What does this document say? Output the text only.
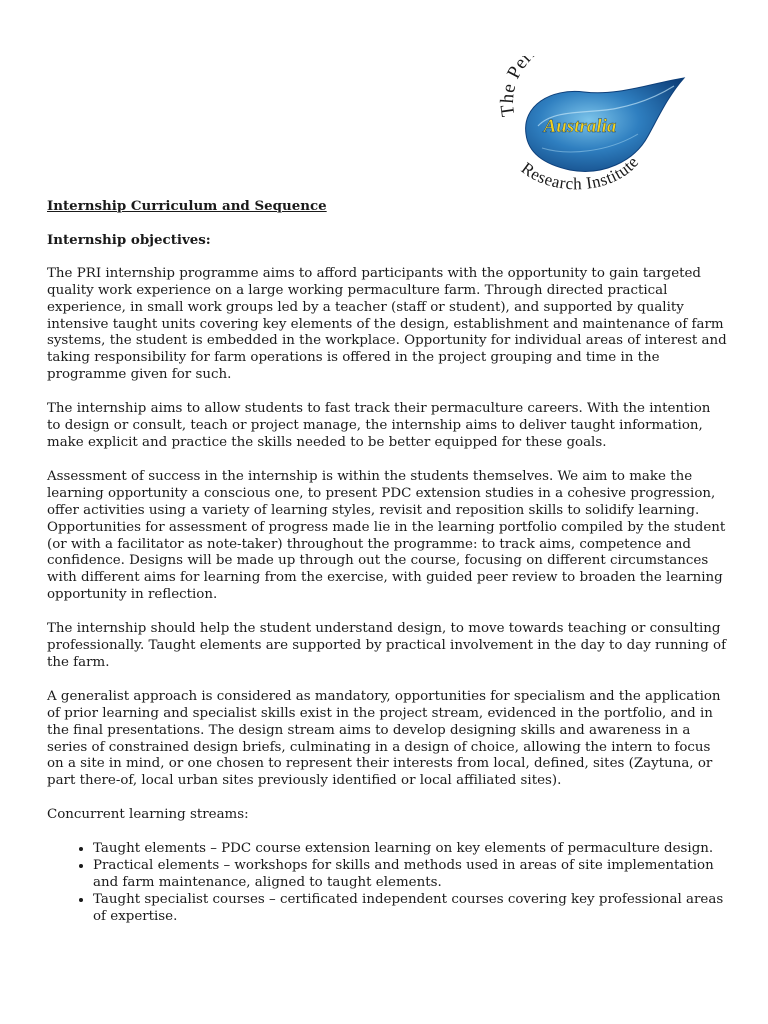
The Per
Australia
Research Institute
Internship Curriculum and Sequence
Internship objectives:

The PRI internship programme aims to afford participants with the opportunity to gain targeted quality work experience on a large working permaculture farm. Through directed practical experience, in small work groups led by a teacher (staff or student), and supported by quality intensive taught units covering key elements of the design, establishment and maintenance of farm systems, the student is embedded in the workplace. Opportunity for individual areas of interest and taking responsibility for farm operations is offered in the project grouping and time in the programme given for such.

The internship aims to allow students to fast track their permaculture careers. With the intention to design or consult, teach or project manage, the internship aims to deliver taught information, make explicit and practice the skills needed to be better equipped for these goals.

Assessment of success in the internship is within the students themselves. We aim to make the learning opportunity a conscious one, to present PDC extension studies in a cohesive progression, offer activities using a variety of learning styles, revisit and reposition skills to solidify learning. Opportunities for assessment of progress made lie in the learning portfolio compiled by the student (or with a facilitator as note-taker) throughout the programme: to track aims, competence and confidence. Designs will be made up through out the course, focusing on different circumstances with different aims for learning from the exercise, with guided peer review to broaden the learning opportunity in reflection.

The internship should help the student understand design, to move towards teaching or consulting professionally. Taught elements are supported by practical involvement in the day to day running of the farm.

A generalist approach is considered as mandatory, opportunities for specialism and the application of prior learning and specialist skills exist in the project stream, evidenced in the portfolio, and in the final presentations. The design stream aims to develop designing skills and awareness in a series of constrained design briefs, culminating in a design of choice, allowing the intern to focus on a site in mind, or one chosen to represent their interests from local, defined, sites (Zaytuna, or part there-of, local urban sites previously identified or local affiliated sites).

Concurrent learning streams:

• Taught elements – PDC course extension learning on key elements of permaculture design.
• Practical elements – workshops for skills and methods used in areas of site implementation and farm maintenance, aligned to taught elements.
• Taught specialist courses – certificated independent courses covering key professional areas of expertise.
